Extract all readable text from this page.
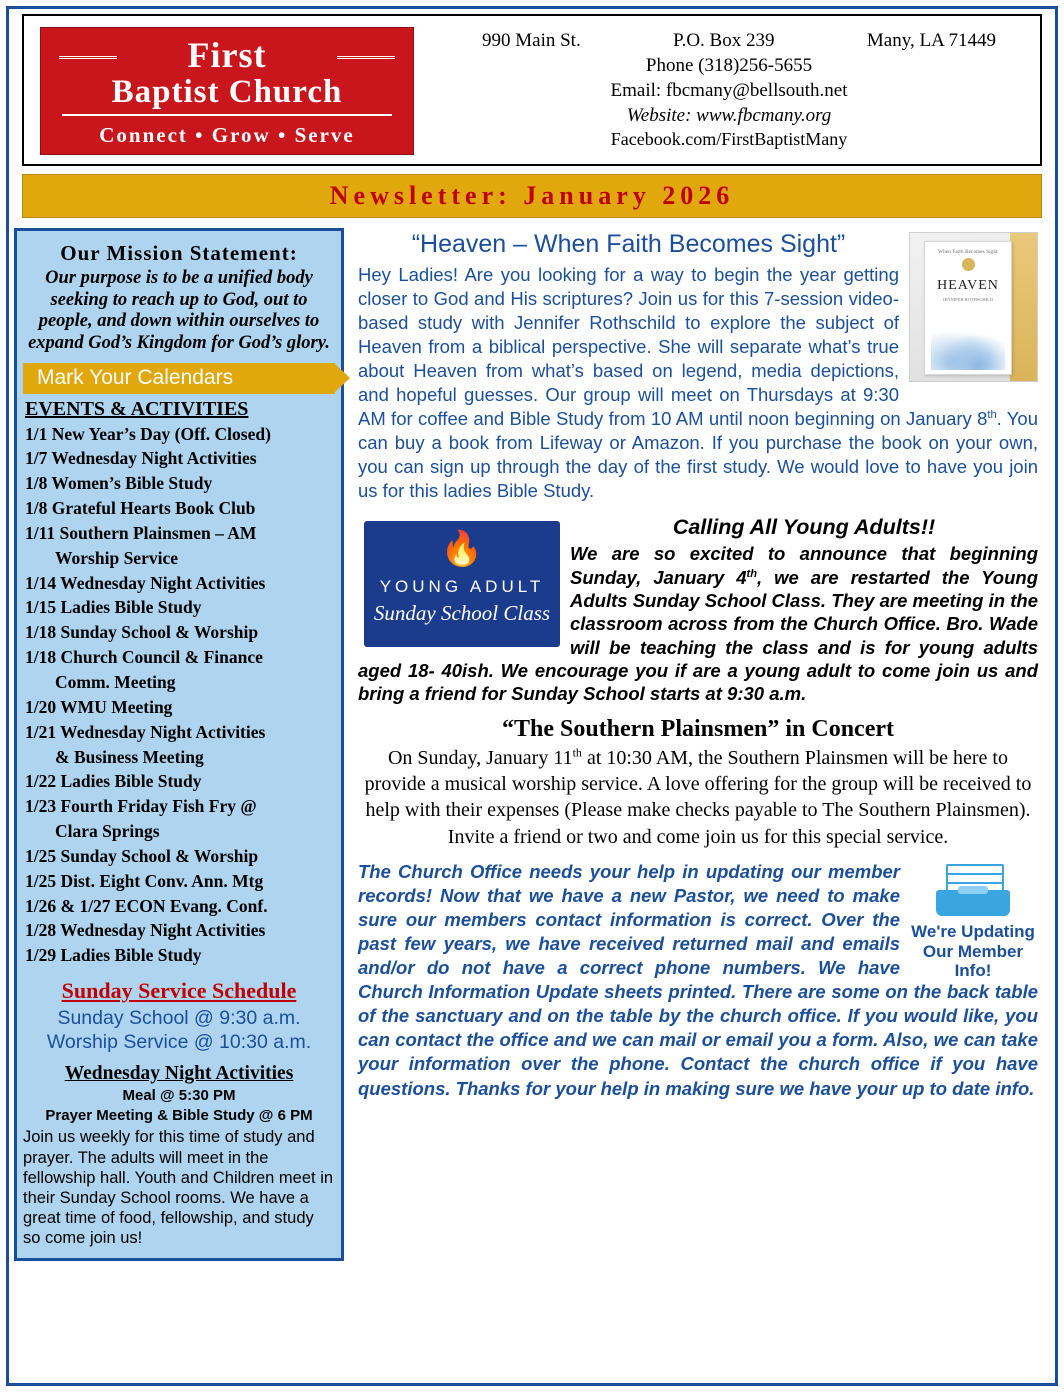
First
Baptist Church
Connect • Grow • Serve
990 Main St.	P.O. Box 239	Many, LA 71449
Phone (318)256-5655
Email: fbcmany@bellsouth.net
Website: www.fbcmany.org
Facebook.com/FirstBaptistMany
Newsletter: January 2026
Our Mission Statement:
Our purpose is to be a unified body seeking to reach up to God, out to people, and down within ourselves to expand God’s Kingdom for God’s glory.
Mark Your Calendars
EVENTS & ACTIVITIES
1/1 New Year’s Day (Off. Closed)
1/7 Wednesday Night Activities
1/8 Women’s Bible Study
1/8 Grateful Hearts Book Club
1/11 Southern Plainsmen – AM
Worship Service
1/14 Wednesday Night Activities
1/15 Ladies Bible Study
1/18 Sunday School & Worship
1/18 Church Council & Finance
Comm. Meeting
1/20 WMU Meeting
1/21 Wednesday Night Activities
& Business Meeting
1/22 Ladies Bible Study
1/23 Fourth Friday Fish Fry @
Clara Springs
1/25 Sunday School & Worship
1/25 Dist. Eight Conv. Ann. Mtg
1/26 & 1/27 ECON Evang. Conf.
1/28 Wednesday Night Activities
1/29 Ladies Bible Study
Sunday Service Schedule
Sunday School @ 9:30 a.m.
Worship Service @ 10:30 a.m.
Wednesday Night Activities
Meal @ 5:30 PM
Prayer Meeting & Bible Study @ 6 PM
Join us weekly for this time of study and prayer. The adults will meet in the fellowship hall. Youth and Children meet in their Sunday School rooms. We have a great time of food, fellowship, and study so come join us!
When Faith Becomes Sight
HEAVEN
JENNIFER ROTHSCHILD
“Heaven – When Faith Becomes Sight”
Hey Ladies! Are you looking for a way to begin the year getting closer to God and His scriptures? Join us for this 7-session video-based study with Jennifer Rothschild to explore the subject of Heaven from a biblical perspective. She will separate what’s true about Heaven from what’s based on legend, media depictions, and hopeful guesses. Our group will meet on Thursdays at 9:30 AM for coffee and Bible Study from 10 AM until noon beginning on January 8th. You can buy a book from Lifeway or Amazon. If you purchase the book on your own, you can sign up through the day of the first study. We would love to have you join us for this ladies Bible Study.
🔥
YOUNG ADULT
Sunday School Class
Calling All Young Adults!!
We are so excited to announce that beginning Sunday, January 4th, we are restarted the Young Adults Sunday School Class. They are meeting in the classroom across from the Church Office. Bro. Wade will be teaching the class and is for young adults aged 18- 40ish. We encourage you if are a young adult to come join us and bring a friend for Sunday School starts at 9:30 a.m.
“The Southern Plainsmen” in Concert
On Sunday, January 11th at 10:30 AM, the Southern Plainsmen will be here to provide a musical worship service. A love offering for the group will be received to help with their expenses (Please make checks payable to The Southern Plainsmen). Invite a friend or two and come join us for this special service.
We're Updating
Our Member Info!
The Church Office needs your help in updating our member records! Now that we have a new Pastor, we need to make sure our members contact information is correct. Over the past few years, we have received returned mail and emails and/or do not have a correct phone numbers. We have Church Information Update sheets printed. There are some on the back table of the sanctuary and on the table by the church office. If you would like, you can contact the office and we can mail or email you a form. Also, we can take your information over the phone. Contact the church office if you have questions. Thanks for your help in making sure we have your up to date info.
